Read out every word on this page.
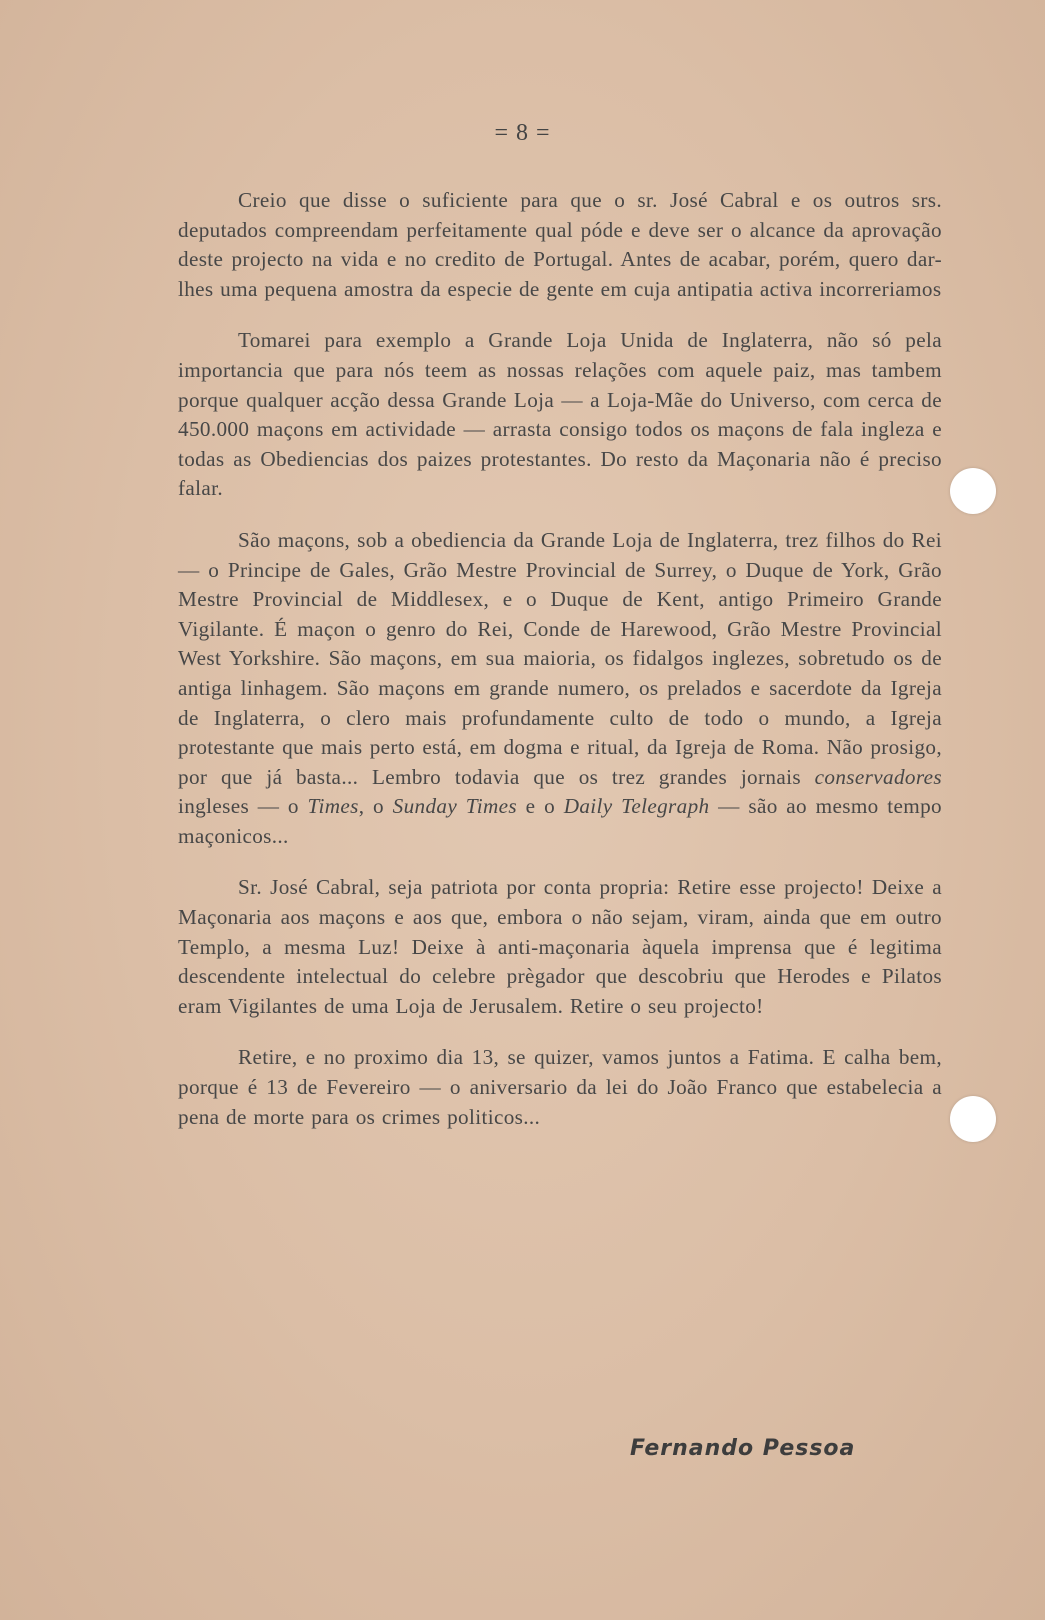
= 8 =

Creio que disse o suficiente para que o sr. José Cabral e os outros srs. deputados compreendam perfeitamente qual póde e deve ser o alcance da aprovação deste projecto na vida e no credito de Portugal. Antes de acabar, porém, quero dar-lhes uma pequena amostra da especie de gente em cuja antipatia activa incorreriamos

Tomarei para exemplo a Grande Loja Unida de Inglaterra, não só pela importancia que para nós teem as nossas relações com aquele paiz, mas tambem porque qualquer acção dessa Grande Loja — a Loja-Mãe do Universo, com cerca de 450.000 maçons em actividade — arrasta consigo todos os maçons de fala ingleza e todas as Obediencias dos paizes protestantes. Do resto da Maçonaria não é preciso falar.

São maçons, sob a obediencia da Grande Loja de Inglaterra, trez filhos do Rei — o Principe de Gales, Grão Mestre Provincial de Surrey, o Duque de York, Grão Mestre Provincial de Middlesex, e o Duque de Kent, antigo Primeiro Grande Vigilante. É maçon o genro do Rei, Conde de Harewood, Grão Mestre Provincial West Yorkshire. São maçons, em sua maioria, os fidalgos inglezes, sobretudo os de antiga linhagem. São maçons em grande numero, os prelados e sacerdote da Igreja de Inglaterra, o clero mais profundamente culto de todo o mundo, a Igreja protestante que mais perto está, em dogma e ritual, da Igreja de Roma. Não prosigo, por que já basta... Lembro todavia que os trez grandes jornais conservadores ingleses — o Times, o Sunday Times e o Daily Telegraph — são ao mesmo tempo maçonicos...

Sr. José Cabral, seja patriota por conta propria: Retire esse projecto! Deixe a Maçonaria aos maçons e aos que, embora o não sejam, viram, ainda que em outro Templo, a mesma Luz! Deixe à anti-maçonaria àquela imprensa que é legitima descendente intelectual do celebre prègador que descobriu que Herodes e Pilatos eram Vigilantes de uma Loja de Jerusalem. Retire o seu projecto!

Retire, e no proximo dia 13, se quizer, vamos juntos a Fatima. E calha bem, porque é 13 de Fevereiro — o aniversario da lei do João Franco que estabelecia a pena de morte para os crimes politicos...

Fernando Pessoa
